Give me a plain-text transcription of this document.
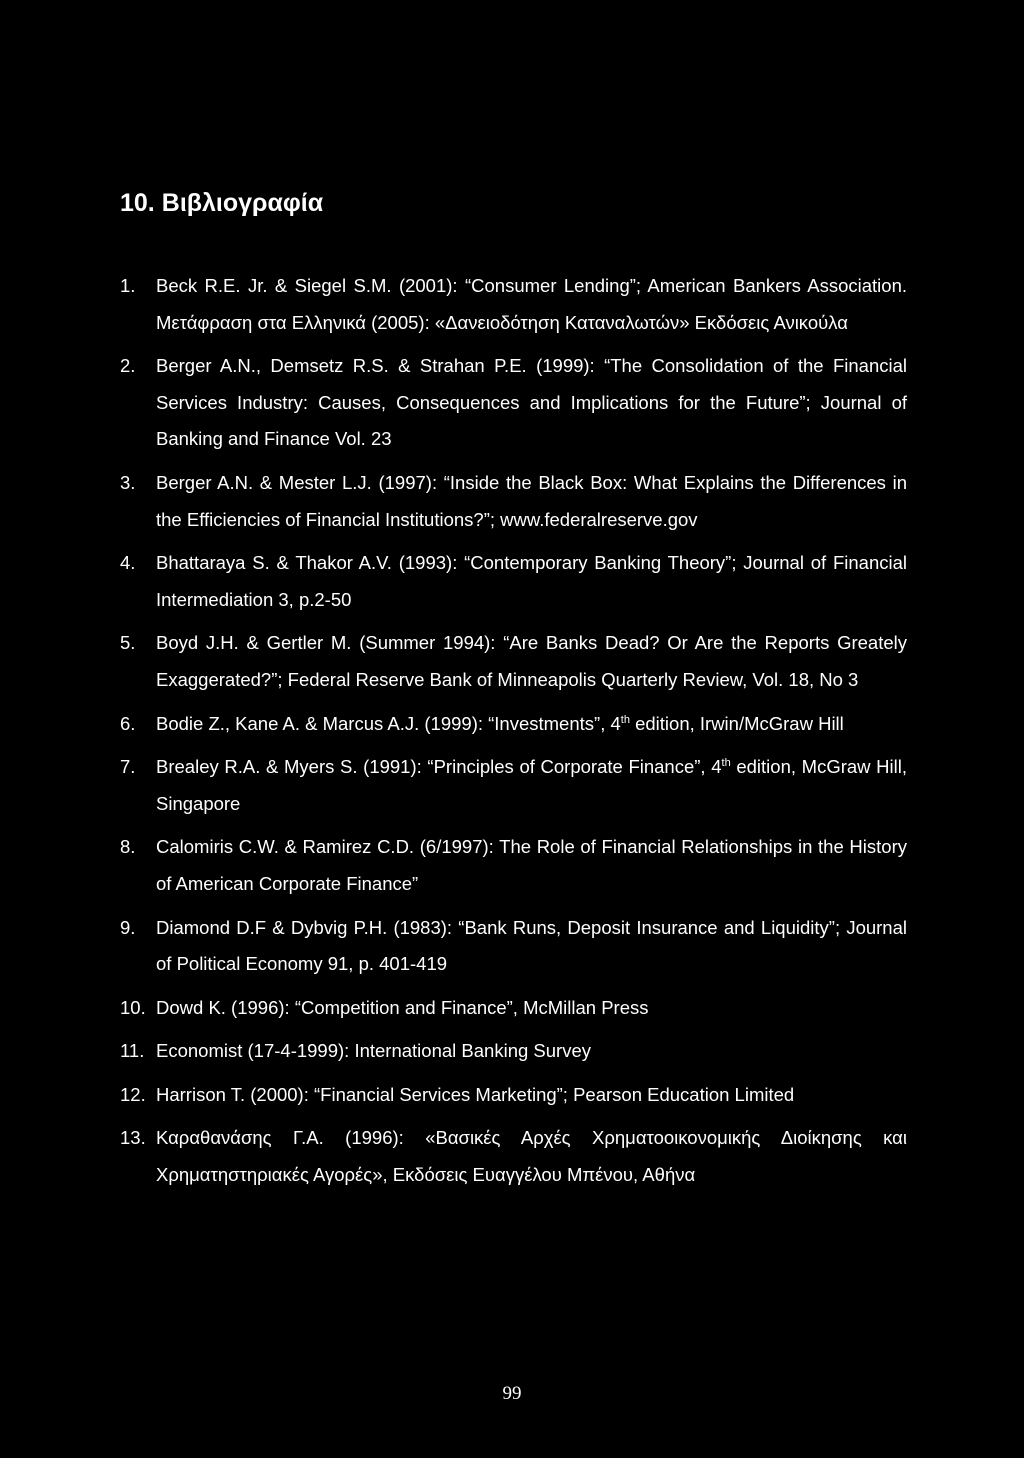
10. Βιβλιογραφία
1. Beck R.E. Jr. & Siegel S.M. (2001): “Consumer Lending”; American Bankers Association. Μετάφραση στα Ελληνικά (2005): «Δανειοδότηση Καταναλωτών» Εκδόσεις Ανικούλα
2. Berger A.N., Demsetz R.S. & Strahan P.E. (1999): “The Consolidation of the Financial Services Industry: Causes, Consequences and Implications for the Future”; Journal of Banking and Finance Vol. 23
3. Berger A.N. & Mester L.J. (1997): “Inside the Black Box: What Explains the Differences in the Efficiencies of Financial Institutions?”; www.federalreserve.gov
4. Bhattaraya S. & Thakor A.V. (1993): “Contemporary Banking Theory”; Journal of Financial Intermediation 3, p.2-50
5. Boyd J.H. & Gertler M. (Summer 1994): “Are Banks Dead? Or Are the Reports Greately Exaggerated?”; Federal Reserve Bank of Minneapolis Quarterly Review, Vol. 18, No 3
6. Bodie Z., Kane A. & Marcus A.J. (1999): “Investments”, 4th edition, Irwin/McGraw Hill
7. Brealey R.A. & Myers S. (1991): “Principles of Corporate Finance”, 4th edition, McGraw Hill, Singapore
8. Calomiris C.W. & Ramirez C.D. (6/1997): The Role of Financial Relationships in the History of American Corporate Finance”
9. Diamond D.F & Dybvig P.H. (1983): “Bank Runs, Deposit Insurance and Liquidity”; Journal of Political Economy 91, p. 401-419
10. Dowd K. (1996): “Competition and Finance”, McMillan Press
11. Economist (17-4-1999): International Banking Survey
12. Harrison T. (2000): “Financial Services Marketing”; Pearson Education Limited
13. Καραθανάσης Γ.Α. (1996): «Βασικές Αρχές Χρηματοοικονομικής Διοίκησης και Χρηματηστηριακές Αγορές», Εκδόσεις Ευαγγέλου Μπένου, Αθήνα
99
